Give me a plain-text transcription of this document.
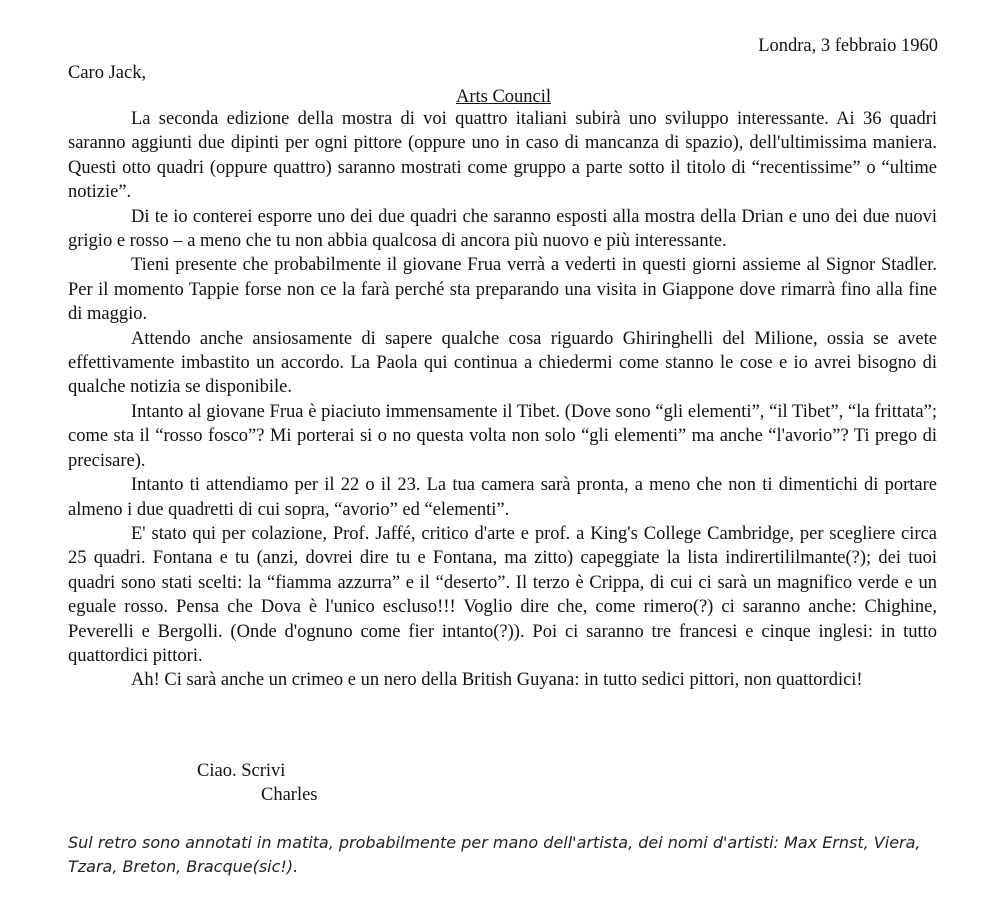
Londra, 3 febbraio 1960
Caro Jack,
Arts Council

La seconda edizione della mostra di voi quattro italiani subirà uno sviluppo interessante. Ai 36 quadri saranno aggiunti due dipinti per ogni pittore (oppure uno in caso di mancanza di spazio), dell'ultimissima maniera. Questi otto quadri (oppure quattro) saranno mostrati come gruppo a parte sotto il titolo di “recentissime” o “ultime notizie”.

Di te io conterei esporre uno dei due quadri che saranno esposti alla mostra della Drian e uno dei due nuovi grigio e rosso – a meno che tu non abbia qualcosa di ancora più nuovo e più interessante.

Tieni presente che probabilmente il giovane Frua verrà a vederti in questi giorni assieme al Signor Stadler. Per il momento Tappie forse non ce la farà perché sta preparando una visita in Giappone dove rimarrà fino alla fine di maggio.

Attendo anche ansiosamente di sapere qualche cosa riguardo Ghiringhelli del Milione, ossia se avete effettivamente imbastito un accordo. La Paola qui continua a chiedermi come stanno le cose e io avrei bisogno di qualche notizia se disponibile.

Intanto al giovane Frua è piaciuto immensamente il Tibet. (Dove sono “gli elementi”, “il Tibet”, “la frittata”; come sta il “rosso fosco”? Mi porterai si o no questa volta non solo “gli elementi” ma anche “l'avorio”? Ti prego di precisare).

Intanto ti attendiamo per il 22 o il 23. La tua camera sarà pronta, a meno che non ti dimentichi di portare almeno i due quadretti di cui sopra, “avorio” ed “elementi”.

E' stato qui per colazione, Prof. Jaffé, critico d'arte e prof. a King's College Cambridge, per scegliere circa 25 quadri. Fontana e tu (anzi, dovrei dire tu e Fontana, ma zitto) capeggiate la lista indirertililmante(?); dei tuoi quadri sono stati scelti: la “fiamma azzurra” e il “deserto”. Il terzo è Crippa, di cui ci sarà un magnifico verde e un eguale rosso. Pensa che Dova è l'unico escluso!!! Voglio dire che, come rimero(?) ci saranno anche: Chighine, Peverelli e Bergolli. (Onde d'ognuno come fier intanto(?)). Poi ci saranno tre francesi e cinque inglesi: in tutto quattordici pittori.

Ah! Ci sarà anche un crimeo e un nero della British Guyana: in tutto sedici pittori, non quattordici!

Ciao. Scrivi
Charles
Sul retro sono annotati in matita, probabilmente per mano dell'artista, dei nomi d'artisti: Max Ernst, Viera, Tzara, Breton, Bracque(sic!).
